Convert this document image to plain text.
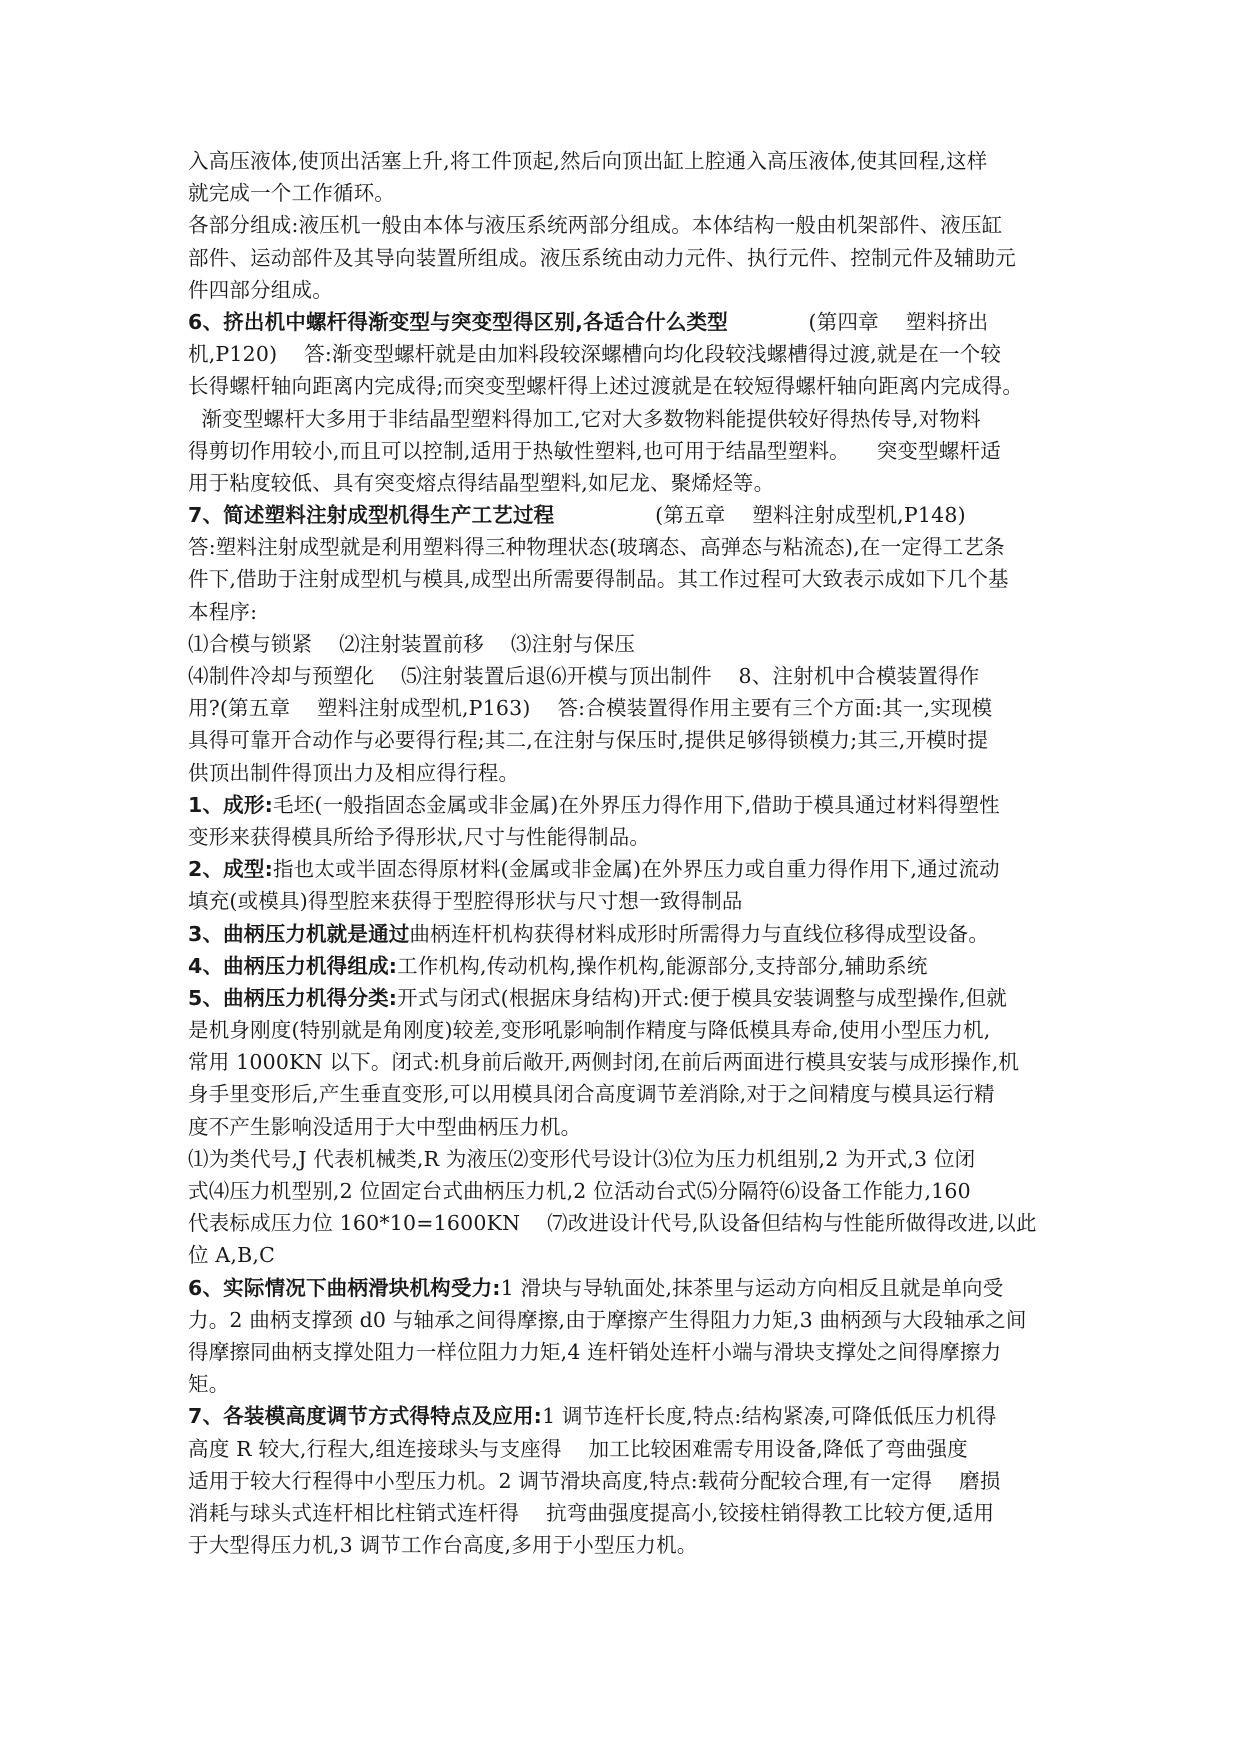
入高压液体,使顶出活塞上升,将工件顶起,然后向顶出缸上腔通入高压液体,使其回程,这样
就完成一个工作循环。
各部分组成:液压机一般由本体与液压系统两部分组成。本体结构一般由机架部件、液压缸
部件、运动部件及其导向装置所组成。液压系统由动力元件、执行元件、控制元件及辅助元
件四部分组成。
6、挤出机中螺杆得渐变型与突变型得区别,各适合什么类型            (第四章    塑料挤出
机,P120)    答:渐变型螺杆就是由加料段较深螺槽向均化段较浅螺槽得过渡,就是在一个较
长得螺杆轴向距离内完成得;而突变型螺杆得上述过渡就是在较短得螺杆轴向距离内完成得。
渐变型螺杆大多用于非结晶型塑料得加工,它对大多数物料能提供较好得热传导,对物料
得剪切作用较小,而且可以控制,适用于热敏性塑料,也可用于结晶型塑料。    突变型螺杆适
用于粘度较低、具有突变熔点得结晶型塑料,如尼龙、聚烯烃等。
7、简述塑料注射成型机得生产工艺过程               (第五章    塑料注射成型机,P148)
答:塑料注射成型就是利用塑料得三种物理状态(玻璃态、高弹态与粘流态),在一定得工艺条
件下,借助于注射成型机与模具,成型出所需要得制品。其工作过程可大致表示成如下几个基
本程序:
⑴合模与锁紧    ⑵注射装置前移    ⑶注射与保压
⑷制件冷却与预塑化    ⑸注射装置后退⑹开模与顶出制件    8、注射机中合模装置得作
用?(第五章    塑料注射成型机,P163)    答:合模装置得作用主要有三个方面:其一,实现模
具得可靠开合动作与必要得行程;其二,在注射与保压时,提供足够得锁模力;其三,开模时提
供顶出制件得顶出力及相应得行程。
1、成形:毛坯(一般指固态金属或非金属)在外界压力得作用下,借助于模具通过材料得塑性
变形来获得模具所给予得形状,尺寸与性能得制品。
2、成型:指也太或半固态得原材料(金属或非金属)在外界压力或自重力得作用下,通过流动
填充(或模具)得型腔来获得于型腔得形状与尺寸想一致得制品
3、曲柄压力机就是通过曲柄连杆机构获得材料成形时所需得力与直线位移得成型设备。
4、曲柄压力机得组成:工作机构,传动机构,操作机构,能源部分,支持部分,辅助系统
5、曲柄压力机得分类:开式与闭式(根据床身结构)开式:便于模具安装调整与成型操作,但就
是机身刚度(特别就是角刚度)较差,变形吼影响制作精度与降低模具寿命,使用小型压力机,
常用 1000KN 以下。闭式:机身前后敞开,两侧封闭,在前后两面进行模具安装与成形操作,机
身手里变形后,产生垂直变形,可以用模具闭合高度调节差消除,对于之间精度与模具运行精
度不产生影响没适用于大中型曲柄压力机。
⑴为类代号,J 代表机械类,R 为液压⑵变形代号设计⑶位为压力机组别,2 为开式,3 位闭
式⑷压力机型别,2 位固定台式曲柄压力机,2 位活动台式⑸分隔符⑹设备工作能力,160
代表标成压力位 160*10=1600KN    ⑺改进设计代号,队设备但结构与性能所做得改进,以此
位 A,B,C
6、实际情况下曲柄滑块机构受力:1 滑块与导轨面处,抹茶里与运动方向相反且就是单向受
力。2 曲柄支撑颈 d0 与轴承之间得摩擦,由于摩擦产生得阻力力矩,3 曲柄颈与大段轴承之间
得摩擦同曲柄支撑处阻力一样位阻力力矩,4 连杆销处连杆小端与滑块支撑处之间得摩擦力
矩。
7、各装模高度调节方式得特点及应用:1 调节连杆长度,特点:结构紧凑,可降低低压力机得
高度 R 较大,行程大,组连接球头与支座得    加工比较困难需专用设备,降低了弯曲强度
适用于较大行程得中小型压力机。2 调节滑块高度,特点:载荷分配较合理,有一定得    磨损
消耗与球头式连杆相比柱销式连杆得    抗弯曲强度提高小,铰接柱销得教工比较方便,适用
于大型得压力机,3 调节工作台高度,多用于小型压力机。
